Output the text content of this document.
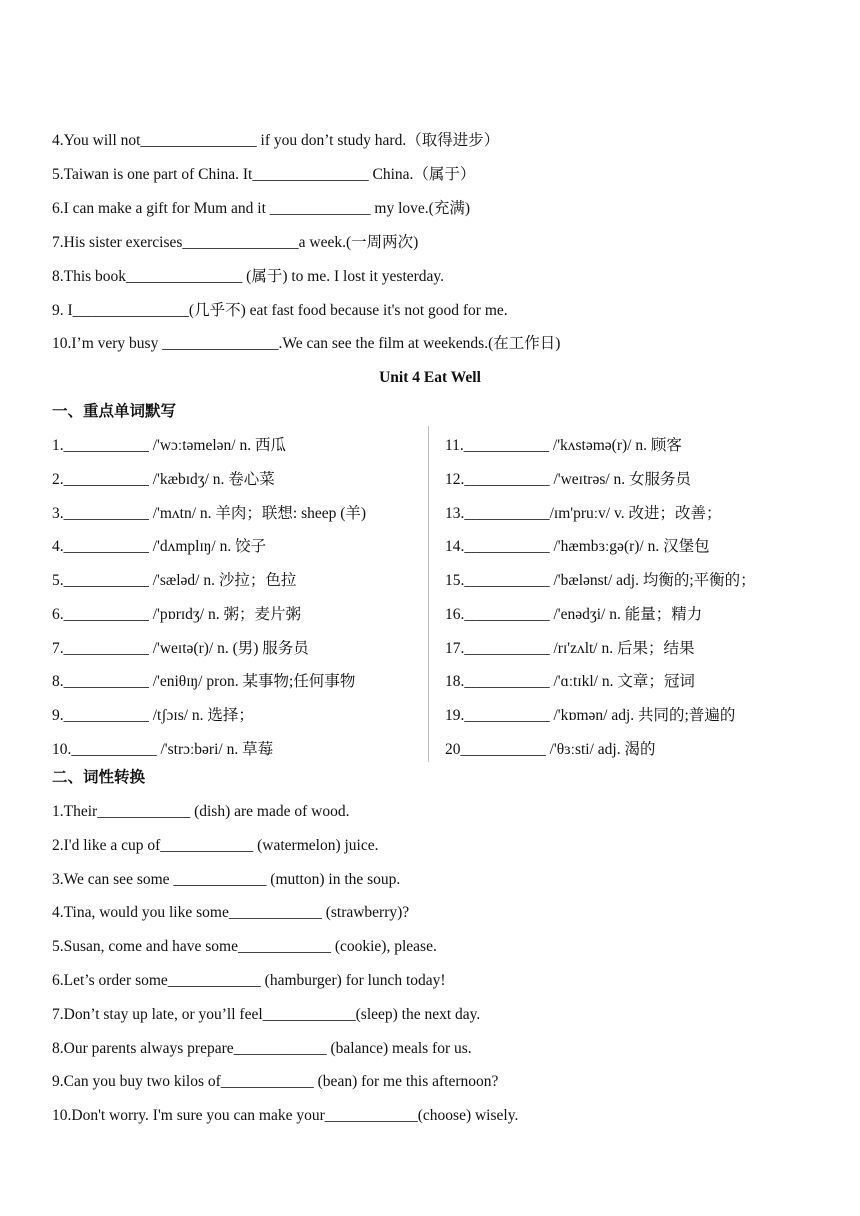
4.You will not_______________ if you don’t study hard.（取得进步）
5.Taiwan is one part of China. It_______________ China.（属于）
6.I can make a gift for Mum and it _____________ my love.(充满)
7.His sister exercises_______________a week.(一周两次)
8.This book_______________ (属于) to me. I lost it yesterday.
9. I_______________(几乎不) eat fast food because it's not good for me.
10.I’m very busy _______________.We can see the film at weekends.(在工作日)
Unit 4 Eat Well
一、重点单词默写
1.___________ /'wɔːtəmelən/ n. 西瓜
2.___________ /'kæbɪdʒ/ n. 卷心菜
3.___________ /'mʌtn/ n. 羊肉；联想: sheep (羊)
4.___________ /'dʌmplɪŋ/ n. 饺子
5.___________ /'sæləd/ n. 沙拉；色拉
6.___________ /'pɒrɪdʒ/ n. 粥；麦片粥
7.___________ /'weɪtə(r)/ n. (男) 服务员
8.___________ /'eniθɪŋ/ pron. 某事物;任何事物
9.___________ /tʃɔɪs/ n. 选择；
10.___________ /'strɔːbəri/ n. 草莓
11.___________ /'kʌstəmə(r)/ n. 顾客
12.___________ /'weɪtrəs/ n. 女服务员
13.___________/ɪm'pruːv/ v. 改进；改善；
14.___________ /'hæmbɜːgə(r)/ n. 汉堡包
15.___________ /'bælənst/ adj. 均衡的;平衡的；
16.___________ /'enədʒi/ n. 能量；精力
17.___________ /rɪ'zʌlt/ n. 后果；结果
18.___________ /'ɑːtɪkl/ n. 文章；冠词
19.___________ /'kɒmən/ adj. 共同的;普遍的
20___________ /'θɜːsti/ adj. 渴的
二、词性转换
1.Their____________ (dish) are made of wood.
2.I'd like a cup of____________ (watermelon) juice.
3.We can see some ____________ (mutton) in the soup.
4.Tina, would you like some____________ (strawberry)?
5.Susan, come and have some____________ (cookie), please.
6.Let’s order some____________ (hamburger) for lunch today!
7.Don’t stay up late, or you’ll feel____________(sleep) the next day.
8.Our parents always prepare____________ (balance) meals for us.
9.Can you buy two kilos of____________ (bean) for me this afternoon?
10.Don't worry. I'm sure you can make your____________(choose) wisely.
